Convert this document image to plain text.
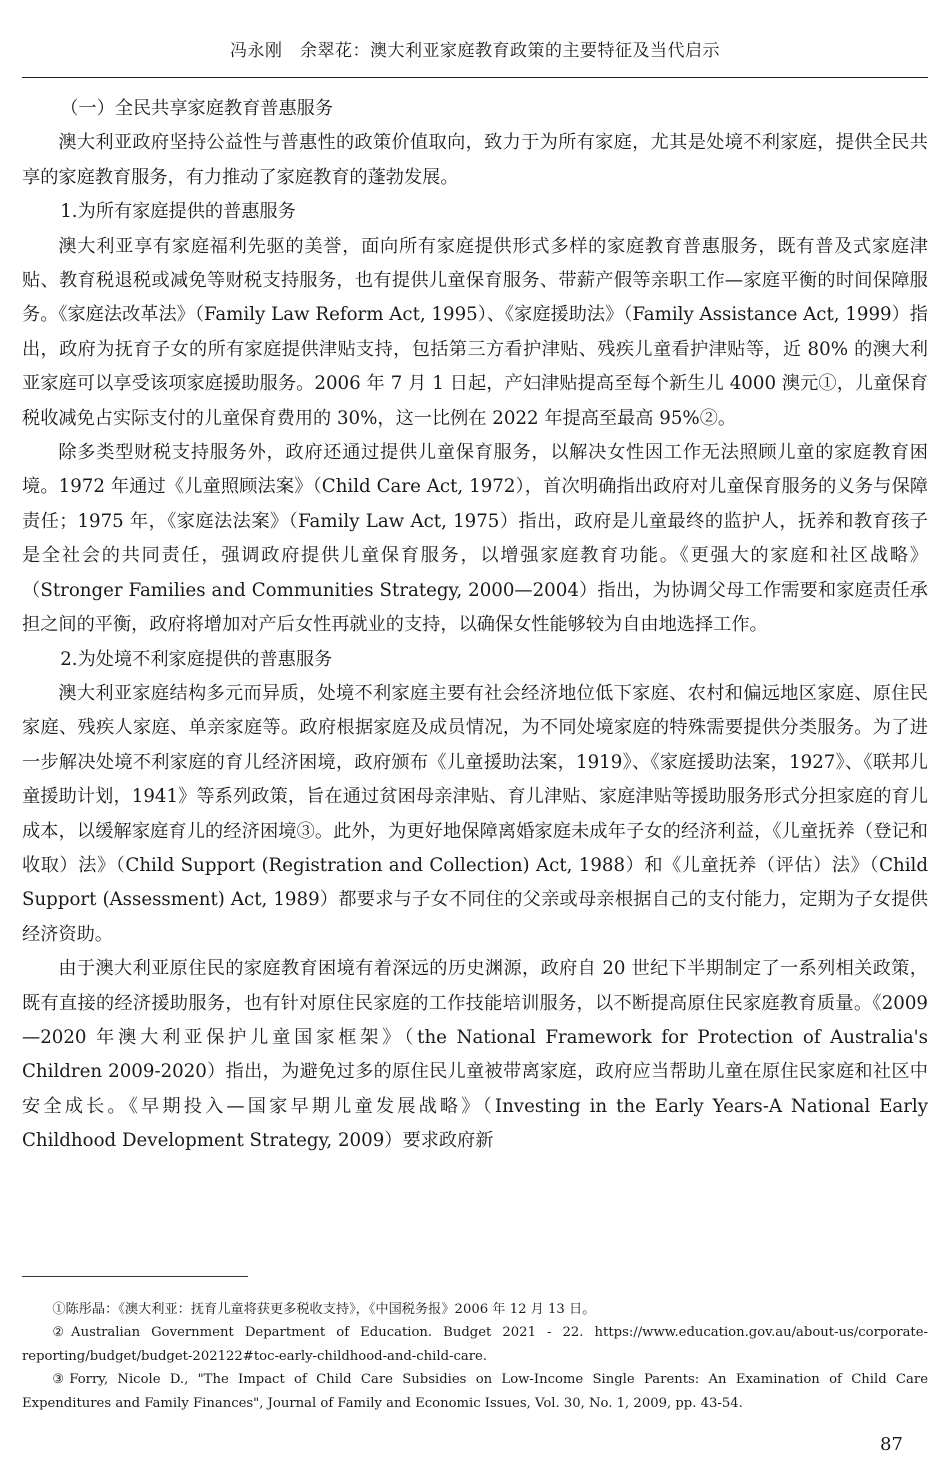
冯永刚　余翠花：澳大利亚家庭教育政策的主要特征及当代启示

（一）全民共享家庭教育普惠服务

澳大利亚政府坚持公益性与普惠性的政策价值取向，致力于为所有家庭，尤其是处境不利家庭，提供全民共享的家庭教育服务，有力推动了家庭教育的蓬勃发展。

1.为所有家庭提供的普惠服务

澳大利亚享有家庭福利先驱的美誉，面向所有家庭提供形式多样的家庭教育普惠服务，既有普及式家庭津贴、教育税退税或减免等财税支持服务，也有提供儿童保育服务、带薪产假等亲职工作—家庭平衡的时间保障服务。《家庭法改革法》（Family Law Reform Act, 1995）、《家庭援助法》（Family Assistance Act, 1999）指出，政府为抚育子女的所有家庭提供津贴支持，包括第三方看护津贴、残疾儿童看护津贴等，近 80% 的澳大利亚家庭可以享受该项家庭援助服务。2006 年 7 月 1 日起，产妇津贴提高至每个新生儿 4000 澳元①，儿童保育税收减免占实际支付的儿童保育费用的 30%，这一比例在 2022 年提高至最高 95%②。

除多类型财税支持服务外，政府还通过提供儿童保育服务，以解决女性因工作无法照顾儿童的家庭教育困境。1972 年通过《儿童照顾法案》（Child Care Act, 1972），首次明确指出政府对儿童保育服务的义务与保障责任；1975 年，《家庭法法案》（Family Law Act, 1975）指出，政府是儿童最终的监护人，抚养和教育孩子是全社会的共同责任，强调政府提供儿童保育服务，以增强家庭教育功能。《更强大的家庭和社区战略》（Stronger Families and Communities Strategy, 2000—2004）指出，为协调父母工作需要和家庭责任承担之间的平衡，政府将增加对产后女性再就业的支持，以确保女性能够较为自由地选择工作。

2.为处境不利家庭提供的普惠服务

澳大利亚家庭结构多元而异质，处境不利家庭主要有社会经济地位低下家庭、农村和偏远地区家庭、原住民家庭、残疾人家庭、单亲家庭等。政府根据家庭及成员情况，为不同处境家庭的特殊需要提供分类服务。为了进一步解决处境不利家庭的育儿经济困境，政府颁布《儿童援助法案，1919》、《家庭援助法案，1927》、《联邦儿童援助计划，1941》等系列政策，旨在通过贫困母亲津贴、育儿津贴、家庭津贴等援助服务形式分担家庭的育儿成本，以缓解家庭育儿的经济困境③。此外，为更好地保障离婚家庭未成年子女的经济利益，《儿童抚养（登记和收取）法》（Child Support (Registration and Collection) Act, 1988）和《儿童抚养（评估）法》（Child Support (Assessment) Act, 1989）都要求与子女不同住的父亲或母亲根据自己的支付能力，定期为子女提供经济资助。

由于澳大利亚原住民的家庭教育困境有着深远的历史渊源，政府自 20 世纪下半期制定了一系列相关政策，既有直接的经济援助服务，也有针对原住民家庭的工作技能培训服务，以不断提高原住民家庭教育质量。《2009—2020 年澳大利亚保护儿童国家框架》（the National Framework for Protection of Australia's Children 2009-2020）指出，为避免过多的原住民儿童被带离家庭，政府应当帮助儿童在原住民家庭和社区中安全成长。《早期投入—国家早期儿童发展战略》（Investing in the Early Years-A National Early Childhood Development Strategy, 2009）要求政府新

①陈彤晶：《澳大利亚：抚育儿童将获更多税收支持》，《中国税务报》2006 年 12 月 13 日。

②Australian Government Department of Education. Budget 2021 - 22. https://www.education.gov.au/about-us/corporate-reporting/budget/budget-202122#toc-early-childhood-and-child-care.

③Forry, Nicole D., "The Impact of Child Care Subsidies on Low-Income Single Parents: An Examination of Child Care Expenditures and Family Finances", Journal of Family and Economic Issues, Vol. 30, No. 1, 2009, pp. 43-54.

87
